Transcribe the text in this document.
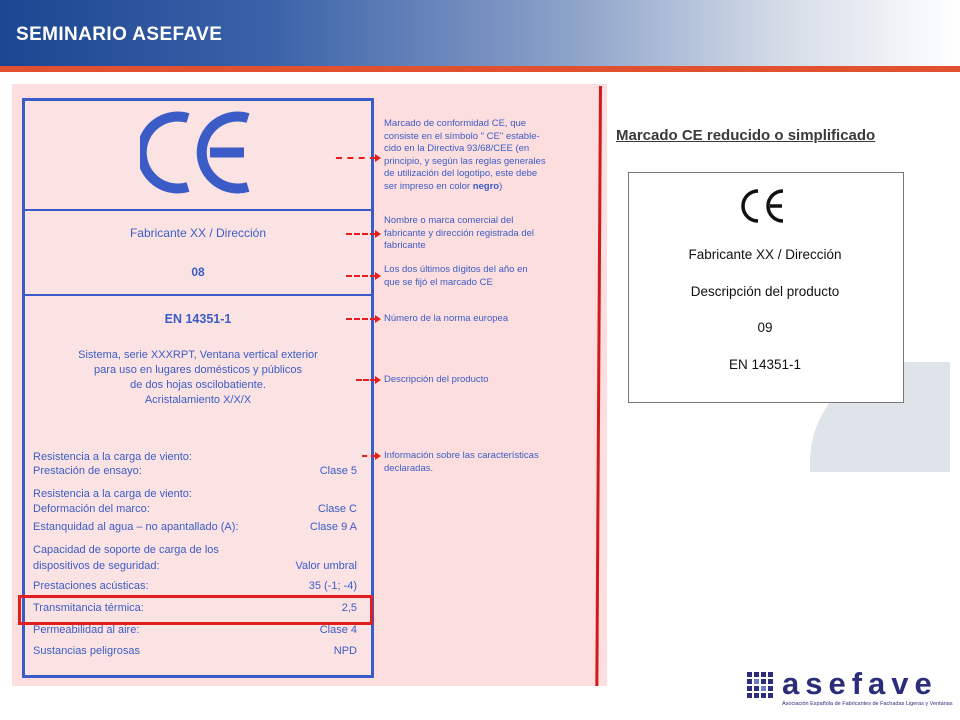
SEMINARIO ASEFAVE
Fabricante XX / Dirección
08
EN 14351-1
Sistema, serie XXXRPT, Ventana vertical exterior
para uso en lugares domésticos y públicos
de dos hojas oscilobatiente.
Acristalamiento X/X/X
Resistencia a la carga de viento:
Prestación de ensayo:	Clase 5
Resistencia a la carga de viento:
Deformación del marco:	Clase C
Estanquidad al agua – no apantallado (A):	Clase 9 A
Capacidad de soporte de carga de los
dispositivos de seguridad:	Valor umbral
Prestaciones acústicas:	35 (-1; -4)
Transmitancia térmica:	2,5
Permeabilidad al aire:	Clase 4
Sustancias peligrosas	NPD
Marcado de conformidad CE, que
consiste en el símbolo " CE" estable-
cido en la Directiva 93/68/CEE (en
principio, y según las reglas generales
de utilización del logotipo, este debe
ser impreso en color negro)
Nombre o marca comercial del
fabricante y dirección registrada del
fabricante
Los dos últimos dígitos del año en
que se fijó el marcado CE
Número de la norma europea
Descripción del producto
Información sobre las características
declaradas.
Marcado CE reducido o simplificado
Fabricante XX / Dirección
Descripción del producto
09
EN 14351-1
asefave
Asociación Española de Fabricantes de Fachadas Ligeras y Ventanas
